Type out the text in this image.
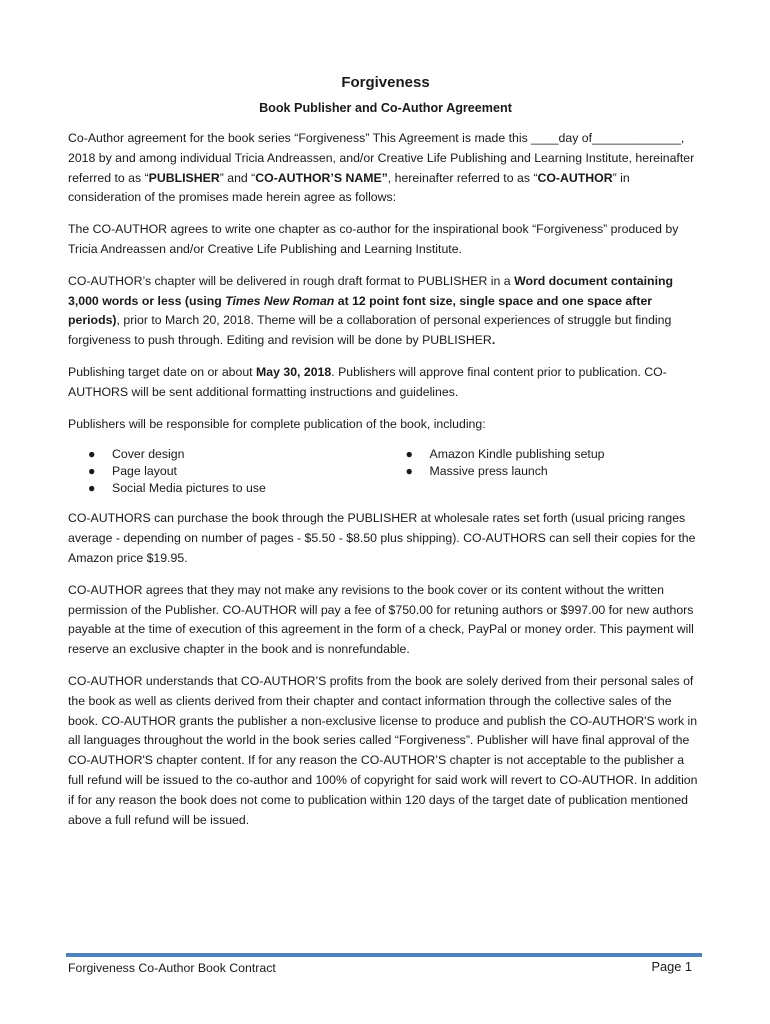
Forgiveness
Book Publisher and Co-Author Agreement
Co-Author agreement for the book series “Forgiveness” This Agreement is made this ____day of_____________, 2018 by and among individual Tricia Andreassen, and/or Creative Life Publishing and Learning Institute, hereinafter referred to as “PUBLISHER” and “CO-AUTHOR’S NAME”, hereinafter referred to as “CO-AUTHOR” in consideration of the promises made herein agree as follows:
The CO-AUTHOR agrees to write one chapter as co-author for the inspirational book “Forgiveness” produced by Tricia Andreassen and/or Creative Life Publishing and Learning Institute.
CO-AUTHOR’s chapter will be delivered in rough draft format to PUBLISHER in a Word document containing 3,000 words or less (using Times New Roman at 12 point font size, single space and one space after periods), prior to March 20, 2018. Theme will be a collaboration of personal experiences of struggle but finding forgiveness to push through. Editing and revision will be done by PUBLISHER.
Publishing target date on or about May 30, 2018. Publishers will approve final content prior to publication. CO-AUTHORS will be sent additional formatting instructions and guidelines.
Publishers will be responsible for complete publication of the book, including:
●	Cover design
●	Page layout
●	Social Media pictures to use
●	Amazon Kindle publishing setup
●	Massive press launch
CO-AUTHORS can purchase the book through the PUBLISHER at wholesale rates set forth (usual pricing ranges average - depending on number of pages - $5.50 - $8.50 plus shipping). CO-AUTHORS can sell their copies for the Amazon price $19.95.
CO-AUTHOR agrees that they may not make any revisions to the book cover or its content without the written permission of the Publisher. CO-AUTHOR will pay a fee of $750.00 for retuning authors or $997.00 for new authors payable at the time of execution of this agreement in the form of a check, PayPal or money order. This payment will reserve an exclusive chapter in the book and is nonrefundable.
CO-AUTHOR understands that CO-AUTHOR’S profits from the book are solely derived from their personal sales of the book as well as clients derived from their chapter and contact information through the collective sales of the book. CO-AUTHOR grants the publisher a non-exclusive license to produce and publish the CO-AUTHOR'S work in all languages throughout the world in the book series called “Forgiveness”. Publisher will have final approval of the CO-AUTHOR'S chapter content. If for any reason the CO-AUTHOR’S chapter is not acceptable to the publisher a full refund will be issued to the co-author and 100% of copyright for said work will revert to CO-AUTHOR. In addition if for any reason the book does not come to publication within 120 days of the target date of publication mentioned above a full refund will be issued.
Forgiveness Co-Author Book Contract	Page 1
